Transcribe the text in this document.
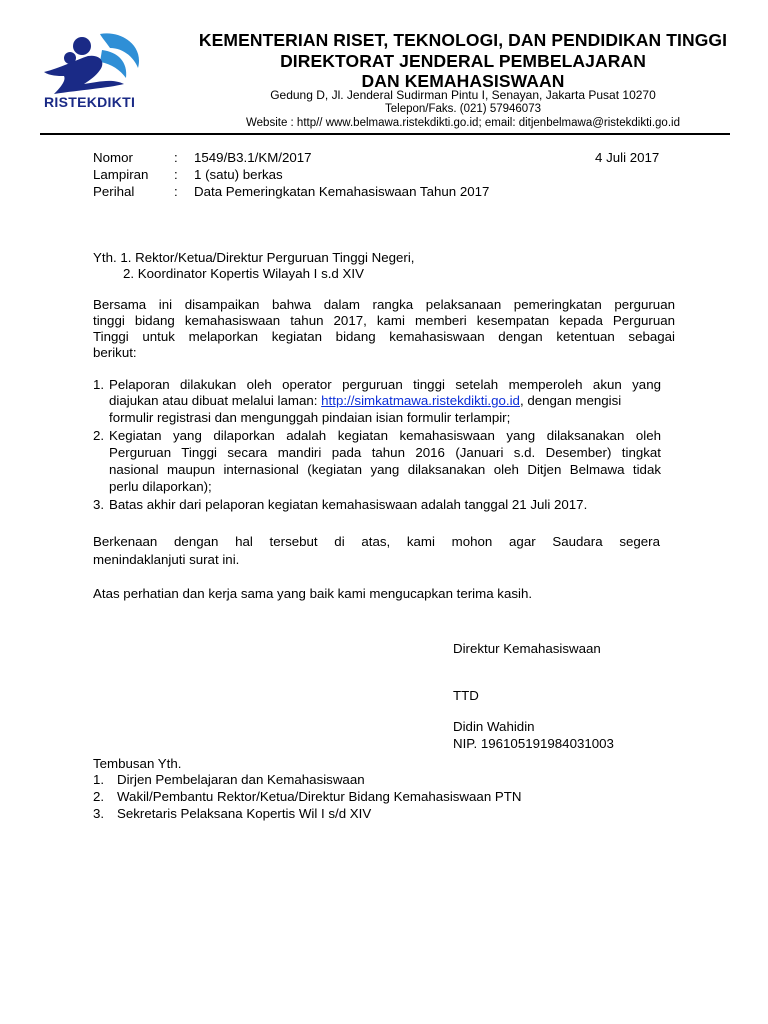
RISTEKDIKTI
KEMENTERIAN RISET, TEKNOLOGI, DAN PENDIDIKAN TINGGI
DIREKTORAT JENDERAL PEMBELAJARAN
DAN KEMAHASISWAAN
Gedung D, Jl. Jenderal Sudirman Pintu I, Senayan, Jakarta Pusat 10270
Telepon/Faks. (021) 57946073
Website : http// www.belmawa.ristekdikti.go.id; email: ditjenbelmawa@ristekdikti.go.id
Nomor	: 1549/B3.1/KM/2017	4 Juli 2017
Lampiran : 1 (satu) berkas
Perihal	: Data Pemeringkatan Kemahasiswaan Tahun 2017
Yth. 1. Rektor/Ketua/Direktur Perguruan Tinggi Negeri,
2. Koordinator Kopertis Wilayah I s.d XIV
Bersama ini disampaikan bahwa dalam rangka pelaksanaan pemeringkatan perguruan
tinggi bidang kemahasiswaan tahun 2017, kami memberi kesempatan kepada Perguruan
Tinggi untuk melaporkan kegiatan bidang kemahasiswaan dengan ketentuan sebagai
berikut:
1. Pelaporan dilakukan oleh operator perguruan tinggi setelah memperoleh akun yang
diajukan atau dibuat melalui laman: http://simkatmawa.ristekdikti.go.id, dengan mengisi
formulir registrasi dan mengunggah pindaian isian formulir terlampir;
2. Kegiatan yang dilaporkan adalah kegiatan kemahasiswaan yang dilaksanakan oleh
Perguruan Tinggi secara mandiri pada tahun 2016 (Januari s.d. Desember) tingkat
nasional maupun internasional (kegiatan yang dilaksanakan oleh Ditjen Belmawa tidak
perlu dilaporkan);
3. Batas akhir dari pelaporan kegiatan kemahasiswaan adalah tanggal 21 Juli 2017.
Berkenaan dengan hal tersebut di atas, kami mohon agar Saudara segera
menindaklanjuti surat ini.
Atas perhatian dan kerja sama yang baik kami mengucapkan terima kasih.
Direktur Kemahasiswaan
TTD
Didin Wahidin
NIP. 196105191984031003
Tembusan Yth.
1. Dirjen Pembelajaran dan Kemahasiswaan
2. Wakil/Pembantu Rektor/Ketua/Direktur Bidang Kemahasiswaan PTN
3. Sekretaris Pelaksana Kopertis Wil I s/d XIV
